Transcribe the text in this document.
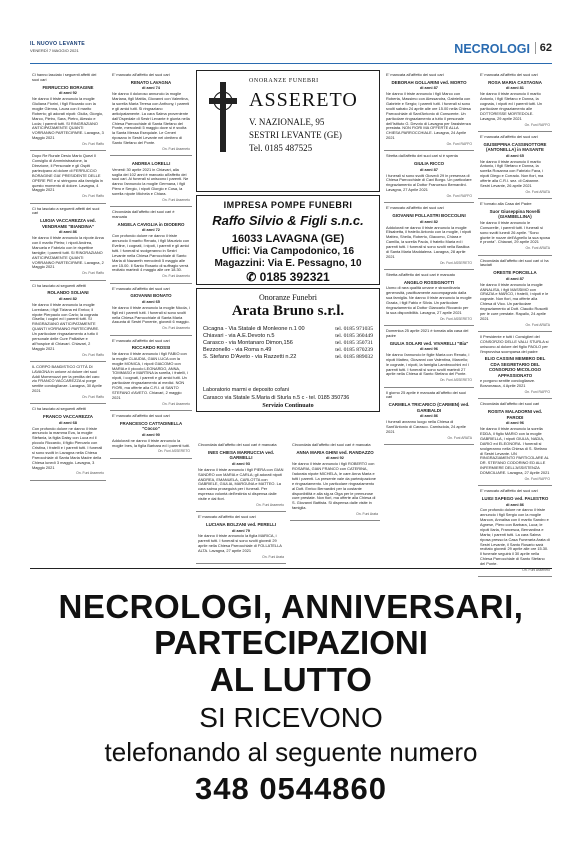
IL NUOVO LEVANTE
VENERDÌ 7 MAGGIO 2021	NECROLOGI 62

Ci hanno lasciato i seguenti affetti dei suoi cari

FERRUCCIO BORAGINE
di anni 92

Ne danno il triste annuncio la moglie Giuliana Fiorini, i figli Riccardo con la moglie Glenna, Laura con il marito Roberto; gli adorati nipoti: Giulia, Giorgio, Marco, Pietro, Sara, Pietro, Alessio e Loda; i parenti tutti. SI RINGRAZIANO ANTICIPATAMENTE QUANTI VORRANNO PARTECIPARE. Lavagna, 3 Maggio 2021

On. Funi Raffo

Dopo Re Rurale Desio Mario Quezi Il Consiglio di Amministrazione, la Direzione, il Personale e gli Ospiti partecipano al dolore di FERRUCCIO BORAGINE GIA' PRESIDENTE DELLE OPERE PIE e si stringono alla famiglia in questo momento di dolore. Lavagna, 4 Maggio 2021

On. Funi Raffo

Ci ha lasciato a seguenti affetti dei suoi cari

LUIGIA VACCAREZZA ved. VENDRAME "BIANDINA"
di anni 86

Ne danno il triste annuncio la nipote Anna con il marito Pietro; i nipoti Andrea, Manuela e Fabrizio con le rispettive famiglie; i parenti tutti. SI RINGRAZIANO ANTICIPATAMENTE QUANTI VORRANNO PARTECIPARE. Lavagna, 2 Maggio 2021

On. Funi Raffo

Ci ha lasciato ai seguenti affetti

ROLANDO SOLIANI
di anni 82

Ne danno il triste annuncio la moglie Loredana; i figli Tiziana ed Enrico; il nipote Pierpaolo con Carlo; la cognata Gisella; i cugini ed i parenti tutti. SI RINGRAZIANO ANTICIPATAMENTE QUANTI VORRANNO PARTECIPARE. Un particolare ringraziamento a tutto il personale delle Cure Palliative e all'hospice di Chiavari. Chiavari, 2 Maggio 2021

On. Funi Raffo

IL CORPO BANDISTICO CITTÀ DI LAVAGNA in unione al dolore dei suoi Addi Momenuzzi per la perdita del caro zio FRANCO VACCAREZZA si porge sentite condoglianze. Lavagna, 30 Aprile 2021

On. Funi Raffo

Ci ha lasciato ai seguenti affetti

FRANCO VACCAREZZA
di anni 68

Con profondo dolore ne danno il triste annuncio la mamma Eva, la moglie Stefania, la figlia Daisy con Luca ed il piccolo Riccardo, il figlio Piercarlo con Cristina, i fratelli e i parenti tutti. I funerali si sono svolti in Lavagna nella Chiesa Parrocchiale di Santa Maria Madre della Chiesa lunedì 3 maggio. Lavagna, 3 Maggio 2021

On. Funi Asseneto

E' mancato all'affetto dei suoi cari

RENATO LAVAGNA
di anni 74

Ne danno il doloroso annuncio la moglie Mariana, figli Mattia, Giovanni con Valentina, la sorella Maria Teresa con Anthony, i parenti e gli amici tutti. Si ringraziano anticipatamente. La cara Salma proveniente dall'Ospedale di Sestri Levante è giunta nella Chiesa Parrocchiale di Santa Stefano del Ponte, mercoledì 5 maggio dove si è svolta la Santa Messa Esequiale. Le Ceneri riposano in Sestri Levante nel cimitero di Santo Stefano del Ponte.

On. Funi Asseneto
ANDREA LORELLI

Venerdì 30 aprile 2021 in Chiavari, alla soglia dei 102 anni è mancato all'affetto dei suoi cari. Ai funerali si uniscono i parenti. Ne danno l'annuncio la moglie Germana, i figli Piero e Sergio, i nipoti Giorgio e Cosa, la sorella nipote Michela e Chiara.

On. Funi Asseneto

Circondata dall'affetto dei suoi cari è mancata

ANGELA CAVIGLIA in DIODERO
di anni 72

Con profondo dolore ne danno il triste annuncio il marito Renato, i figli Maurizio con Eveline, i cognati, i nipoti, i parenti e gli amici tutti. I funerali si svolgeranno in Sestri Levante nella Chiesa Parrocchiale di Santo Maria di Nazareth mercoledì 5 maggio alle ore 15.00. Il Santo Rosario di suffragio verrà recitato martedì 4 maggio alle ore 18.30.

On. Funi Asseneto

E' mancato all'affetto dei suoi cari

GIOVANNI BONATO
di anni 65

Ne danno il triste annuncio la moglie Nicola, i figli ed i parenti tutti. I funerali si sono svolti nella Chiesa Parrocchiale di Santa Maria Assunta di Sestri Ponente, giovedì 6 maggio.

On. Funi Asseneto

E' mancato all'affetto dei suoi cari

RICCARDO ROSSI

Ne danno il triste annuncio i figli FABIO con la moglie CLAUDIA, GIAN LUCA con la moglie MONICA, i nipoti GIACOMO con MARIA e il piccolo LEONARDO, ANNA, TOMMASO e MARTINA la sorella, i fratelli, i nipoti, i cognati, i parenti e gli amici tutti. Un particolare ringraziamento ai medici. NON FIORI, ma offerte alla C.R.I. di SANTO STEFANO d'AVETO. Chiavari, 2 maggio 2021

On. Funi Asseneto

E' mancato all'affetto dei suoi cari

FRANCESCO CATTADINELLA "Cocco"
di anni 90

Addolorati ne danno il triste annuncio la moglie Ines, la figlia Barbara ed i parenti tutti.

On. Funi ASSERETO
ONORANZE FUNEBRI
ASSERETO
V. NAZIONALE, 95
SESTRI LEVANTE (GE)
Tel. 0185 487525
IMPRESA POMPE FUNEBRI
Raffo Silvio & Figli s.n.c.
16033 LAVAGNA (GE)
Uffici: Via Campodonico, 16
Magazzini: Via E. Pessagno, 10
✆ 0185 392321
Onoranze Funebri
Arata Bruno s.r.l.
Cicagna - Via Statale di Monleone n.1 00	tel. 0185 971035
Chiavari - via A.E.Devoto n.5	tel. 0185 360449
Carasco - via Montanaro Dimon,156	tel. 0185 350731
Bezzonello - via Roma n.49	tel. 0185 870239
S. Stefano D'Aveto - via Razzetti n.22	tel. 0185 889032
Laboratorio marmi e deposito cofani
Carasco via Statale S.Maria di Sturla n.5 c - tel. 0185 350736
Servizio Continuato

Circondata dall'affetto dei suoi cari è mancata

INES CHIESA MARRUCCIA ved. GARMELLI
di anni 93

Ne danno il triste annuncio i figli PIERA con GIAN SANDRO con MARIA e CARLA; gli adorati nipoti ANDREA, EMANUELA, CARLOTTA con GABRIELE, GIULIA, MARGUNA e MATTEO. La cara salma proseguirà per i funerali. Per espresso volontà dell'estinta si dispensa dalle visite e dai fiori.

On. Funi Asseneto

E' mancato all'affetto dei suoi cari

LUCIANA BOLZANI ved. PERELLI
di anni 79

Ne danno il triste annuncio la figlia MARICA, i parenti tutti. I funerali si sono svolti giovedì 29 aprile nella Chiesa Parrocchiale di FOLLATELLA ALTA. Lavagna, 27 aprile 2021

On. Funi Arata

Circondata dall'affetto dei suoi cari è mancata

ANNA MARIA GHINI ved. RANDAZZO
di anni 92

Ne danno il triste annuncio i figli ROBERTO con ROSARIA, GIAN FRANCO con CATERINA, l'adorata nipote MICHELA, le care Anna Maria e tutti i parenti. La presente vale da partecipazione e ringraziamento. Un particolare ringraziamento al Dott. Enrico Bernardini per la costante disponibilità e alla sig.ra Olga per le premurose cure prestate. Non fiori, ma offerte alla Chiesa di S. Giovanni Battista. Si dispensa dalle visite in famiglia.

On. Funi Arata

E' mancata all'affetto dei suoi cari

DEBORAH GOLLARINI ved. MORTO
di anni 87

Ne danno il triste annuncio i figli Marco con Roberta, Massimo con Alessandra, Gabriella con Gabriele e Sergio; i parenti tutti. I funerali si sono svolti sabato 24 aprile alle ore 15.00 nella Chiesa Parrocchiale di Sant'Antonio di Conscente. Un particolare ringraziamento a tutto il personale dell'Istituto G. Devoto di Lavagna per l'assistenza prestata. NON FIORI MA OFFERTE ALLA CHIESA PARROCCHIALE. Lavagna, 24 Aprile 2021

On. Funi RAFFO

Stretta dall'affetto dei suoi cari si è spenta

GIULIA RICCO
di anni 87

I funerali si sono svolti Giovedì 29 in presenza di Chiesa Parrocchiale di Cavi Borgo. Un particolare ringraziamento al Dottor Francesco Bernardini. Lavagna, 27 Aprile 2021

On. Funi RAFFO

E' mancato all'affetto dei suoi cari

GIOVANNI POLLASTRI BOCCOLINI
di anni 82

Addolorati ne danno il triste annuncio la moglie Elisabetta, il fratello Antonio con la moglie, i nipoti Matteo, Sheila, Roberto, Giacomo, Chiara e Camilla, la sorella Paola, il fratello Maria ed i parenti tutti. I funerali si sono svolti nella Basilica di Santa Maria Maddalena. Lavagna, 28 aprile 2021

On. Funi ASSERETO

Stretta all'affetto dei suoi cari è mancato

ANGELO ROSSIGNOTTI

Uomo di rara qualità umane e straordinaria generosità, pacificamente accompagnato dalla sua famiglia. Ne danno il triste annuncio la moglie Grazia, i figli Fabio e Silvia. Un particolare ringraziamento al Dottor Giancarlo Riccardo per la sua disponibilità. Lavagna, 27 aprile 2021

On. Funi ASSERETO

Domenica 25 aprile 2021 è tornata alla casa del padre

GIULIA SOLARI ved. VIVARELLI "Bia"
di anni 96

Ne danno l'annuncio le figlie Maria con Renato, i nipoti Matteo, Giovanni con Valentina, Marcello; le cognate, i nipoti, la famiglia Lambrocchini ed i parenti tutti. I funerali si sono svolti martedì 27 aprile nella Chiesa di Santo Stefano del Ponte.

On. Funi ASSERETO

Il giorno 25 aprile è mancata all'affetto dei suoi cari

CARMELA TRICARICO (CARMEN) ved. GARIBALDI
di anni 86

I funerali avranno luogo nella Chiesa di Sant'Antonio di Carasco. Camisciola, 24 aprile 2021

On. Funi ARATA

E' mancata all'affetto dei suoi cari

ROSA MARIA CASTAGNA
di anni 81

Ne danno il triste annuncio il marito Antonio, i figli Stefano e Donna, la cognata, i nipoti ed i parenti tutti. Un particolare ringraziamento alle DOTTORESSE MORTEDOLE. Lavagna, 29 aprile 2021

On. Funi RAFFO

E' mancata all'affetto dei suoi cari

GIUSEPPINA CASSINOTTORE (ANTONELLA) in MASANTE
di anni 65

Ne danno il triste annuncio il marito Antonio, i figli Stefano e Donna, la sorella Rosanna con Fabrizio Fava, i nipoti Diego e Corrado. Non fiori, ma offerte alla C.R.I. sez. di Cabanne. Sestri Levante, 26 aprile 2021

On. Funi ARATA

E' tornato alla Casa del Padre

Suor Giuseppina Novelli (GIAMBELLINA)

Ne danno il triste annuncio le Consorelle, i parenti tutti. I funerali si sono svolti lunedì 26 aprile. "Sono giunte le nozze dell'Agnello la sua sposa è pronta". Chiavari, 29 aprile 2021

On. Funi ARATA

Circondata dall'affetto dei suoi cari ci ha lasciati

ORESTE PORCELLA
di anni 87

Ne danno il triste annuncio la moglie ANNALISA, i figli MASSIMO con GRAZIA e MARCO, i fratelli, i nipoti e le cognate. Non fiori, ma offerte alla Chiesa di Vico. Un particolare ringraziamento al Dott. Claudio Ruscelli per le cure prestate. Rapallo, 24 aprile 2021

On. Funi ARATA

Il Presidente e tutti i Consiglieri del CONSORZIO DELLE VALLI STURLA si uniscono al dolore del figlio PAOLO per l'improvvisa scomparsa del padre

ELIO CASSINI MEMBRO DEL CDA SEGRETARIO DEL CONSORZIO MICOLOGO APPASSIONATO

e porgono sentite condoglianze. Borzonasca, 4 Aprile 2021

On. Funi RAFFO

Circondata dall'affetto dei suoi cari

ROSITA MALADORNI ved. PARODI
di anni 96

Ne danno il triste annuncio la sorella EDDA, il figlio MARIO con la moglie GABRIELLA, i nipoti GIULIA, NADIA, DARIO ed ELEONORA. I funerali si svolgeranno nella Chiesa di S. Stefano di Sestri Levante. UN RINGRAZIAMENTO PARTICOLARE AL DR. STEFANO CODORINO ED ALLE INFERMIERE DELL'ASSISTENZA DOMICILIARE. Lavagna, 27 Aprile 2021

On. Funi RAFFO

E' mancato all'affetto dei suoi cari

LUIGI SAPEGO ved. PALESTRO
di anni 86

Con profondo dolore ne danno il triste annuncio i figli Sergio con la moglie Marcon, Annalisa con il marito Sandro e Agnese, Piero con Barbara, Luca; le nipoti Ilaria, Francesca, Bernardina e Marta; i parenti tutti. La cara Salma riposa presso la Casa Funeraria Arata di Sestri Levante, il Santo Rosario sarà recitato giovedì 29 aprile alle ore 15.30. Il funerale seguirà il 30 aprile nella Chiesa Parrocchiale di Santo Stefano del Ponte.

On. Funi Asseneto
NECROLOGI, ANNIVERSARI,
PARTECIPAZIONI
AL LUTTO
SI RICEVONO
telefonando al seguente numero
348 0544860
